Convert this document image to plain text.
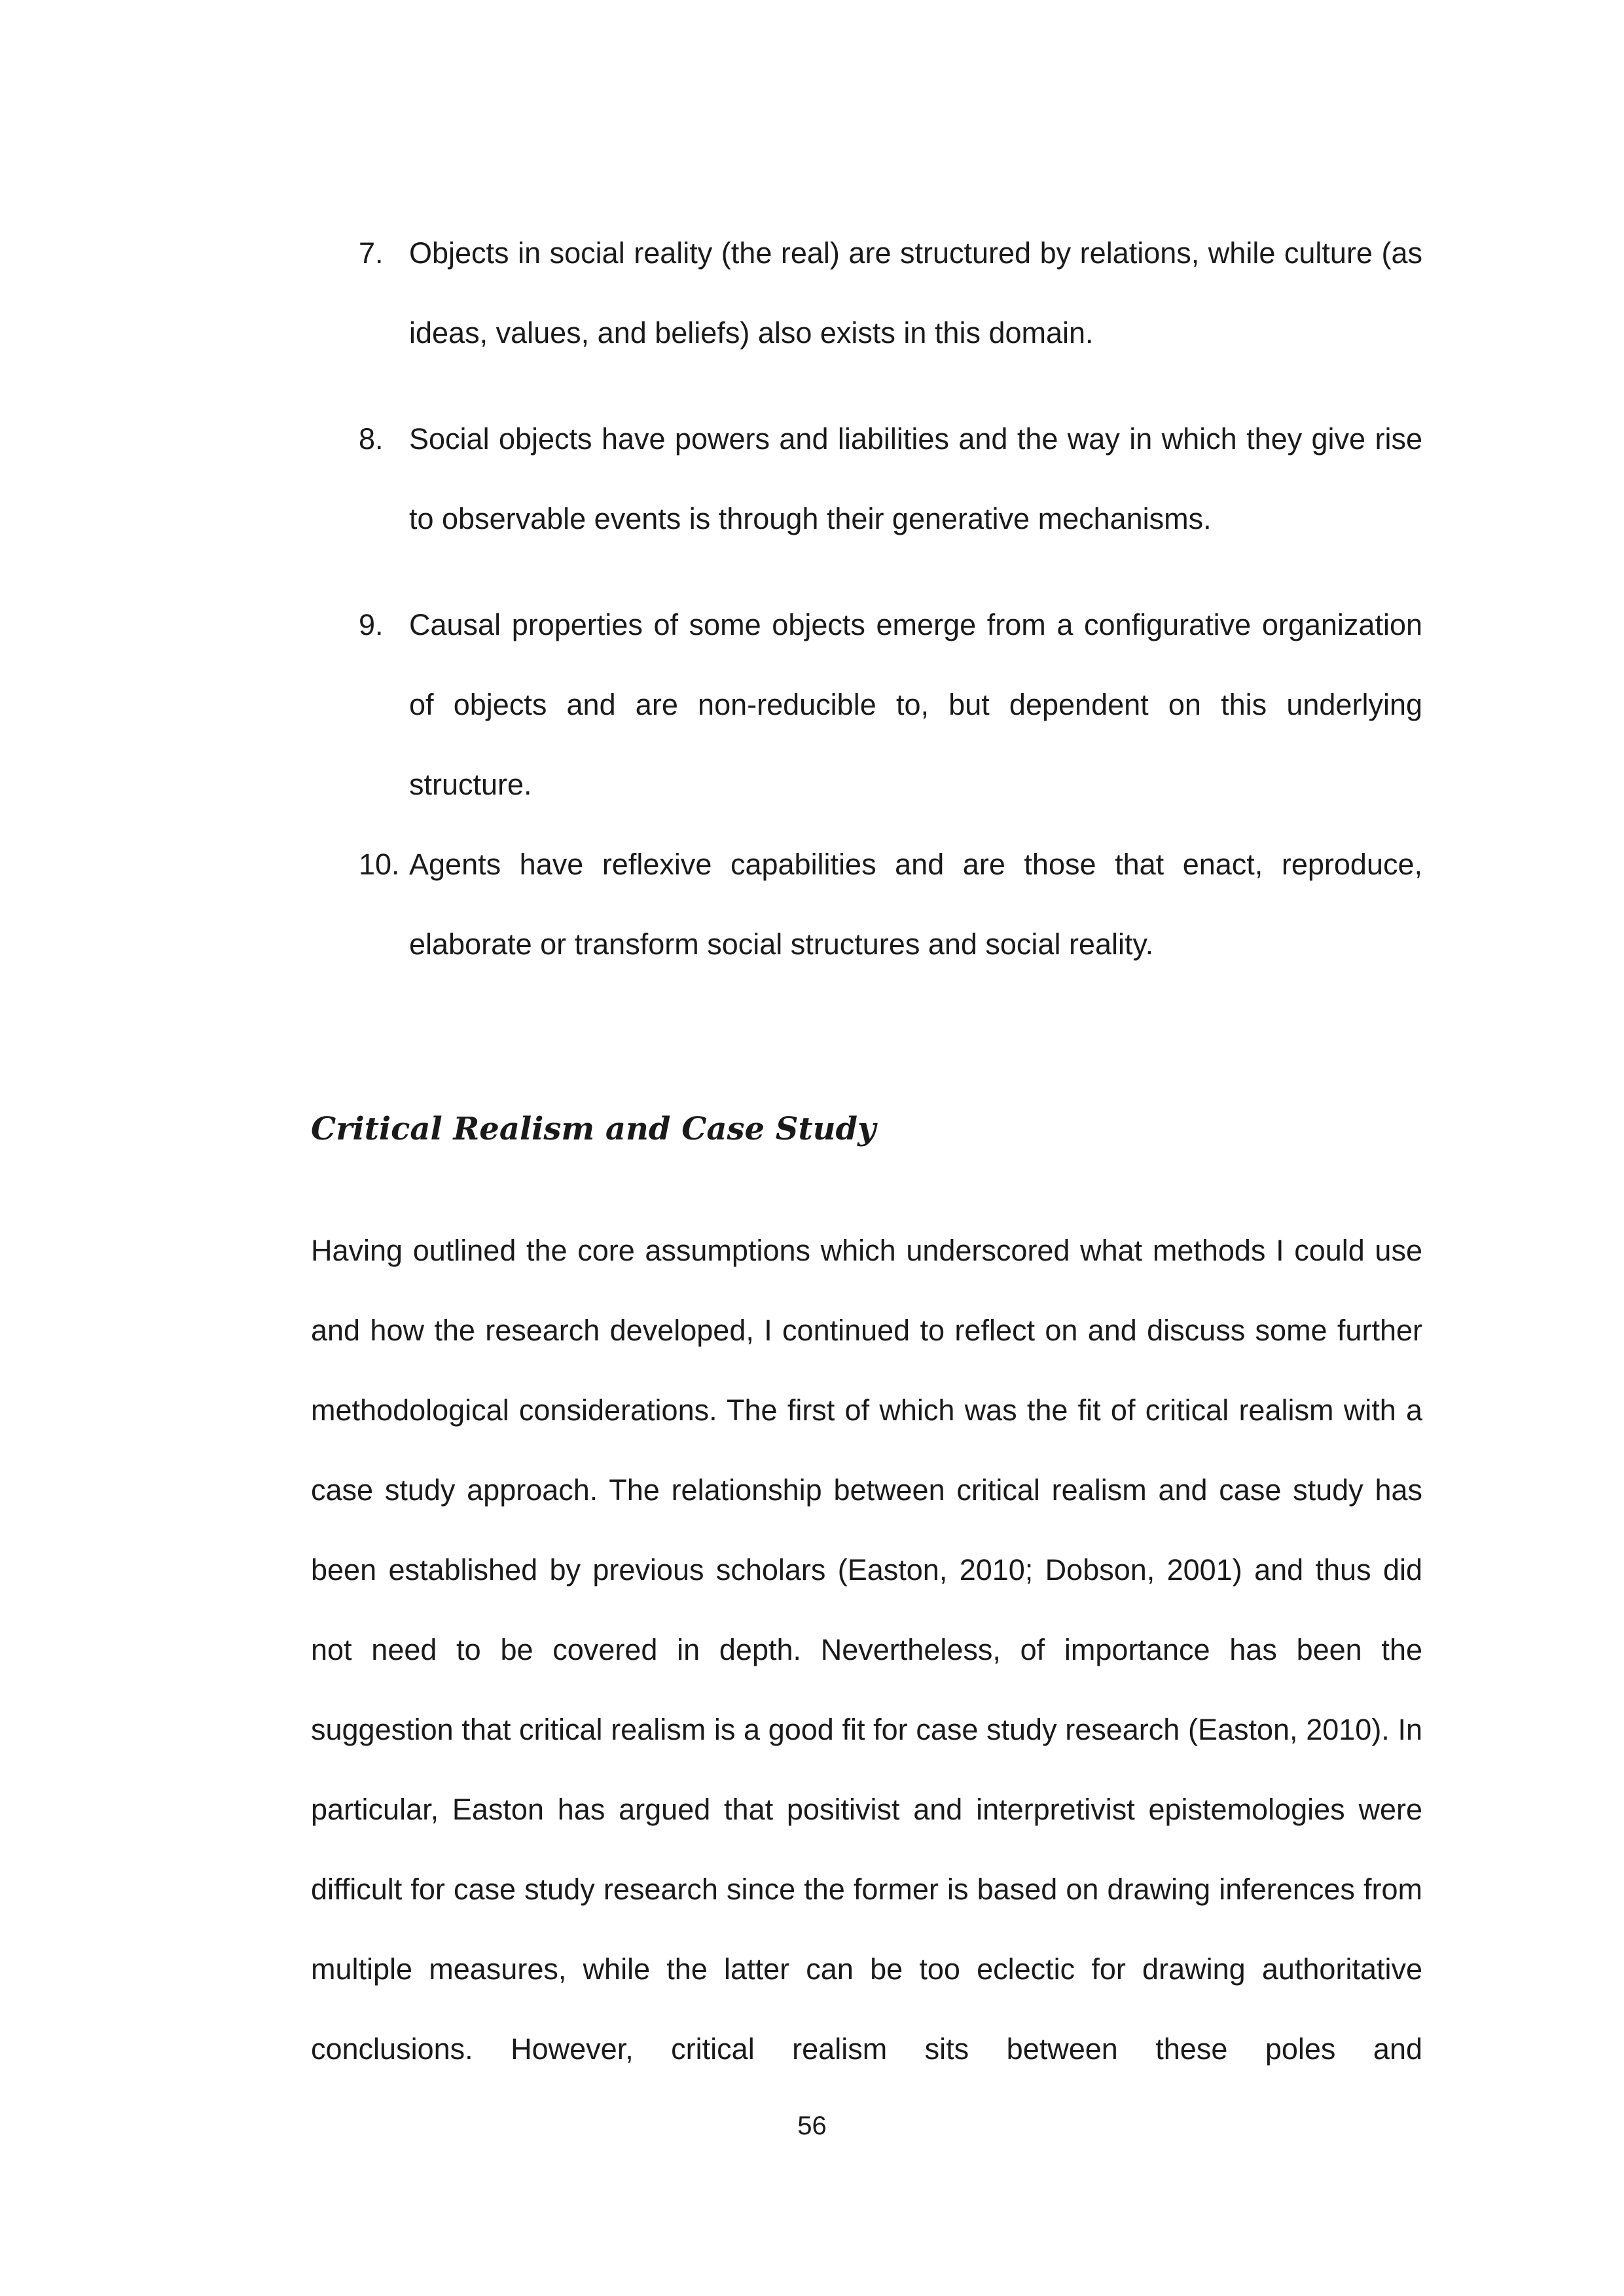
7. Objects in social reality (the real) are structured by relations, while culture (as ideas, values, and beliefs) also exists in this domain.
8. Social objects have powers and liabilities and the way in which they give rise to observable events is through their generative mechanisms.
9. Causal properties of some objects emerge from a configurative organization of objects and are non-reducible to, but dependent on this underlying structure.
10. Agents have reflexive capabilities and are those that enact, reproduce, elaborate or transform social structures and social reality.
Critical Realism and Case Study

Having outlined the core assumptions which underscored what methods I could use and how the research developed, I continued to reflect on and discuss some further methodological considerations. The first of which was the fit of critical realism with a case study approach. The relationship between critical realism and case study has been established by previous scholars (Easton, 2010; Dobson, 2001) and thus did not need to be covered in depth. Nevertheless, of importance has been the suggestion that critical realism is a good fit for case study research (Easton, 2010). In particular, Easton has argued that positivist and interpretivist epistemologies were difficult for case study research since the former is based on drawing inferences from multiple measures, while the latter can be too eclectic for drawing authoritative conclusions. However, critical realism sits between these poles and

56
